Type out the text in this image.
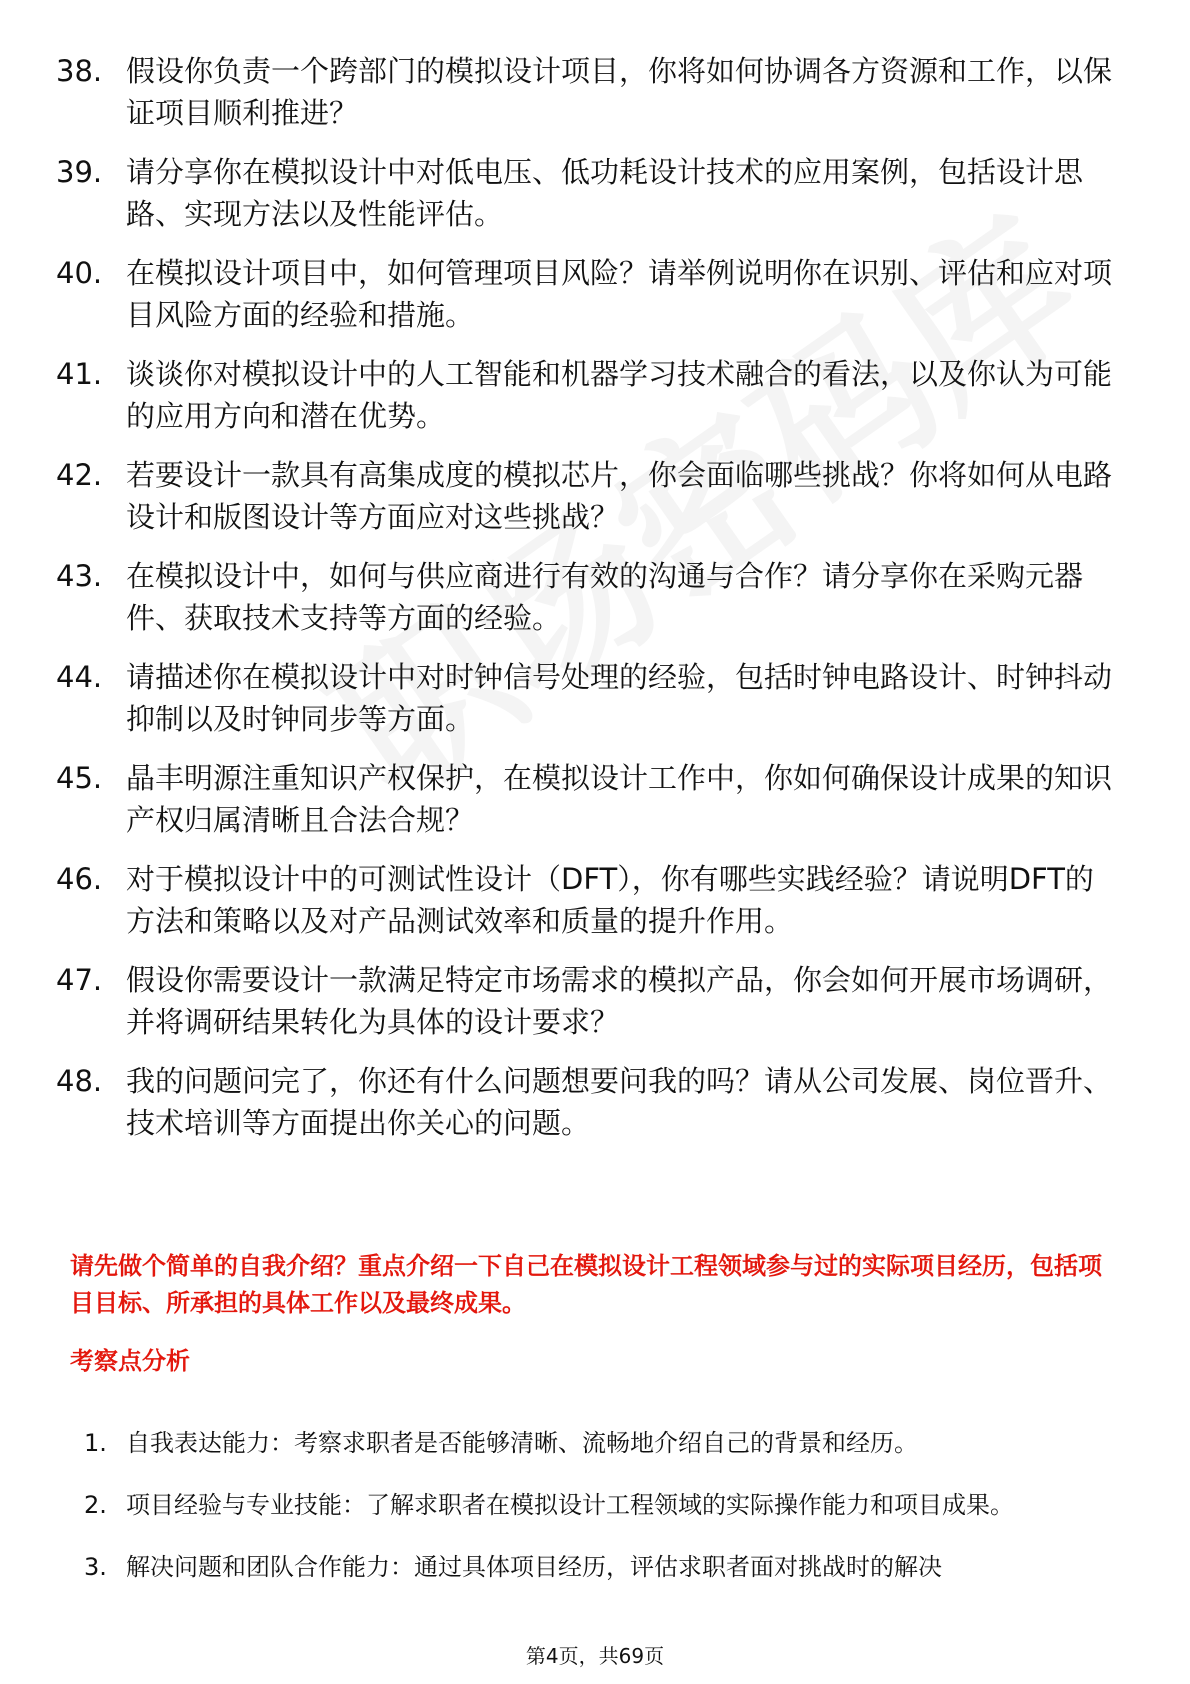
38. 假设你负责一个跨部门的模拟设计项目，你将如何协调各方资源和工作，以保证项目顺利推进？
39. 请分享你在模拟设计中对低电压、低功耗设计技术的应用案例，包括设计思路、实现方法以及性能评估。
40. 在模拟设计项目中，如何管理项目风险？请举例说明你在识别、评估和应对项目风险方面的经验和措施。
41. 谈谈你对模拟设计中的人工智能和机器学习技术融合的看法，以及你认为可能的应用方向和潜在优势。
42. 若要设计一款具有高集成度的模拟芯片，你会面临哪些挑战？你将如何从电路设计和版图设计等方面应对这些挑战？
43. 在模拟设计中，如何与供应商进行有效的沟通与合作？请分享你在采购元器件、获取技术支持等方面的经验。
44. 请描述你在模拟设计中对时钟信号处理的经验，包括时钟电路设计、时钟抖动抑制以及时钟同步等方面。
45. 晶丰明源注重知识产权保护，在模拟设计工作中，你如何确保设计成果的知识产权归属清晰且合法合规？
46. 对于模拟设计中的可测试性设计（DFT），你有哪些实践经验？请说明DFT的方法和策略以及对产品测试效率和质量的提升作用。
47. 假设你需要设计一款满足特定市场需求的模拟产品，你会如何开展市场调研，并将调研结果转化为具体的设计要求？
48. 我的问题问完了，你还有什么问题想要问我的吗？请从公司发展、岗位晋升、技术培训等方面提出你关心的问题。
请先做个简单的自我介绍？重点介绍一下自己在模拟设计工程领域参与过的实际项目经历，包括项目目标、所承担的具体工作以及最终成果。
考察点分析
1. 自我表达能力：考察求职者是否能够清晰、流畅地介绍自己的背景和经历。
2. 项目经验与专业技能：了解求职者在模拟设计工程领域的实际操作能力和项目成果。
3. 解决问题和团队合作能力：通过具体项目经历，评估求职者面对挑战时的解决
第4页，共69页
